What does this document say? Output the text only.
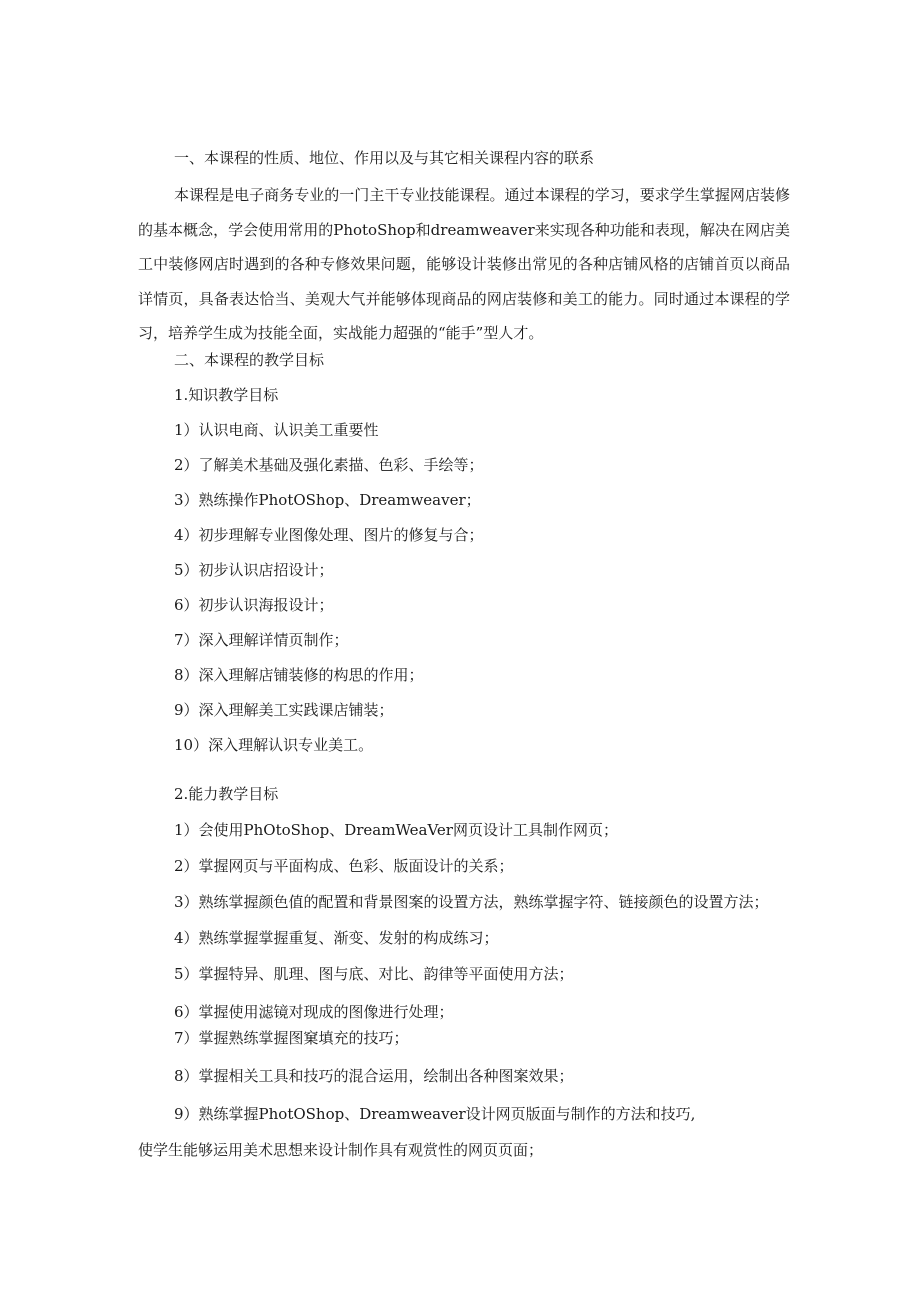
一、本课程的性质、地位、作用以及与其它相关课程内容的联系
本课程是电子商务专业的一门主干专业技能课程。通过本课程的学习，要求学生掌握网店装修的基本概念，学会使用常用的PhotoShop和dreamweaver来实现各种功能和表现，解决在网店美工中装修网店时遇到的各种专修效果问题，能够设计装修出常见的各种店铺风格的店铺首页以商品详情页，具备表达恰当、美观大气并能够体现商品的网店装修和美工的能力。同时通过本课程的学习，培养学生成为技能全面，实战能力超强的“能手”型人才。
二、本课程的教学目标
1.知识教学目标
1）认识电商、认识美工重要性
2）了解美术基础及强化素描、色彩、手绘等；
3）熟练操作PhotOShop、Dreamweaver；
4）初步理解专业图像处理、图片的修复与合；
5）初步认识店招设计；
6）初步认识海报设计；
7）深入理解详情页制作；
8）深入理解店铺装修的构思的作用；
9）深入理解美工实践课店铺装；
10）深入理解认识专业美工。
2.能力教学目标
1）会使用PhOtoShop、DreamWeaVer网页设计工具制作网页；
2）掌握网页与平面构成、色彩、版面设计的关系；
3）熟练掌握颜色值的配置和背景图案的设置方法，熟练掌握字符、链接颜色的设置方法；
4）熟练掌握掌握重复、渐变、发射的构成练习；
5）掌握特异、肌理、图与底、对比、韵律等平面使用方法；
6）掌握使用滤镜对现成的图像进行处理；
7）掌握熟练掌握图窠填充的技巧；
8）掌握相关工具和技巧的混合运用，绘制出各种图案效果；
9）熟练掌握PhotOShop、Dreamweaver设计网页版面与制作的方法和技巧,
使学生能够运用美术思想来设计制作具有观赏性的网页页面；
